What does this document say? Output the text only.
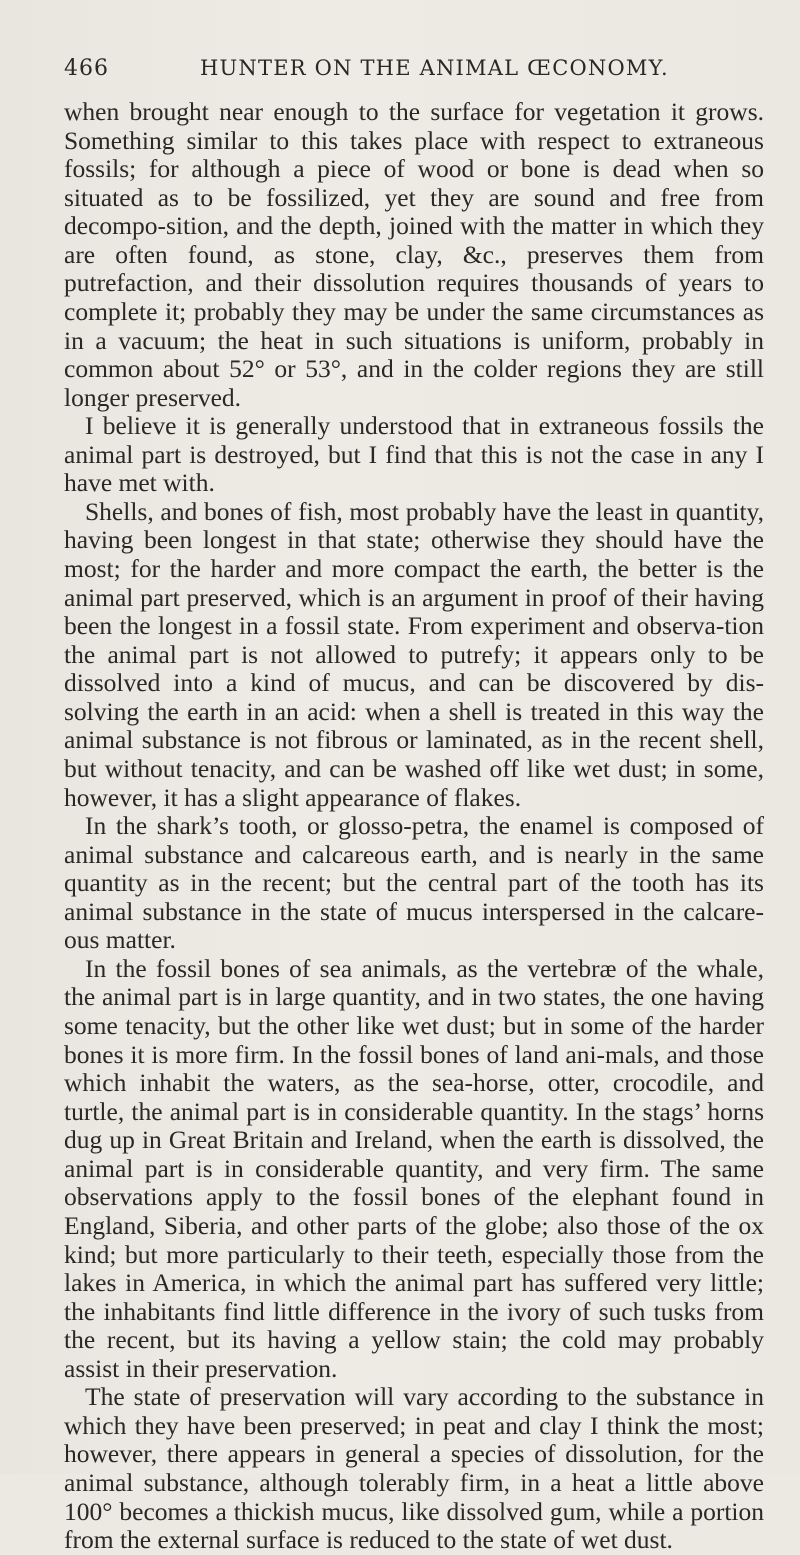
466	HUNTER ON THE ANIMAL ŒCONOMY.

when brought near enough to the surface for vegetation it grows. Something similar to this takes place with respect to extraneous fossils; for although a piece of wood or bone is dead when so situated as to be fossilized, yet they are sound and free from decompo-sition, and the depth, joined with the matter in which they are often found, as stone, clay, &c., preserves them from putrefaction, and their dissolution requires thousands of years to complete it; probably they may be under the same circumstances as in a vacuum; the heat in such situations is uniform, probably in common about 52° or 53°, and in the colder regions they are still longer preserved.

I believe it is generally understood that in extraneous fossils the animal part is destroyed, but I find that this is not the case in any I have met with.

Shells, and bones of fish, most probably have the least in quantity, having been longest in that state; otherwise they should have the most; for the harder and more compact the earth, the better is the animal part preserved, which is an argument in proof of their having been the longest in a fossil state. From experiment and observa-tion the animal part is not allowed to putrefy; it appears only to be dissolved into a kind of mucus, and can be discovered by dis-solving the earth in an acid: when a shell is treated in this way the animal substance is not fibrous or laminated, as in the recent shell, but without tenacity, and can be washed off like wet dust; in some, however, it has a slight appearance of flakes.

In the shark’s tooth, or glosso-petra, the enamel is composed of animal substance and calcareous earth, and is nearly in the same quantity as in the recent; but the central part of the tooth has its animal substance in the state of mucus interspersed in the calcare-ous matter.

In the fossil bones of sea animals, as the vertebræ of the whale, the animal part is in large quantity, and in two states, the one having some tenacity, but the other like wet dust; but in some of the harder bones it is more firm. In the fossil bones of land ani-mals, and those which inhabit the waters, as the sea-horse, otter, crocodile, and turtle, the animal part is in considerable quantity. In the stags’ horns dug up in Great Britain and Ireland, when the earth is dissolved, the animal part is in considerable quantity, and very firm. The same observations apply to the fossil bones of the elephant found in England, Siberia, and other parts of the globe; also those of the ox kind; but more particularly to their teeth, especially those from the lakes in America, in which the animal part has suffered very little; the inhabitants find little difference in the ivory of such tusks from the recent, but its having a yellow stain; the cold may probably assist in their preservation.

The state of preservation will vary according to the substance in which they have been preserved; in peat and clay I think the most; however, there appears in general a species of dissolution, for the animal substance, although tolerably firm, in a heat a little above 100° becomes a thickish mucus, like dissolved gum, while a portion from the external surface is reduced to the state of wet dust.
